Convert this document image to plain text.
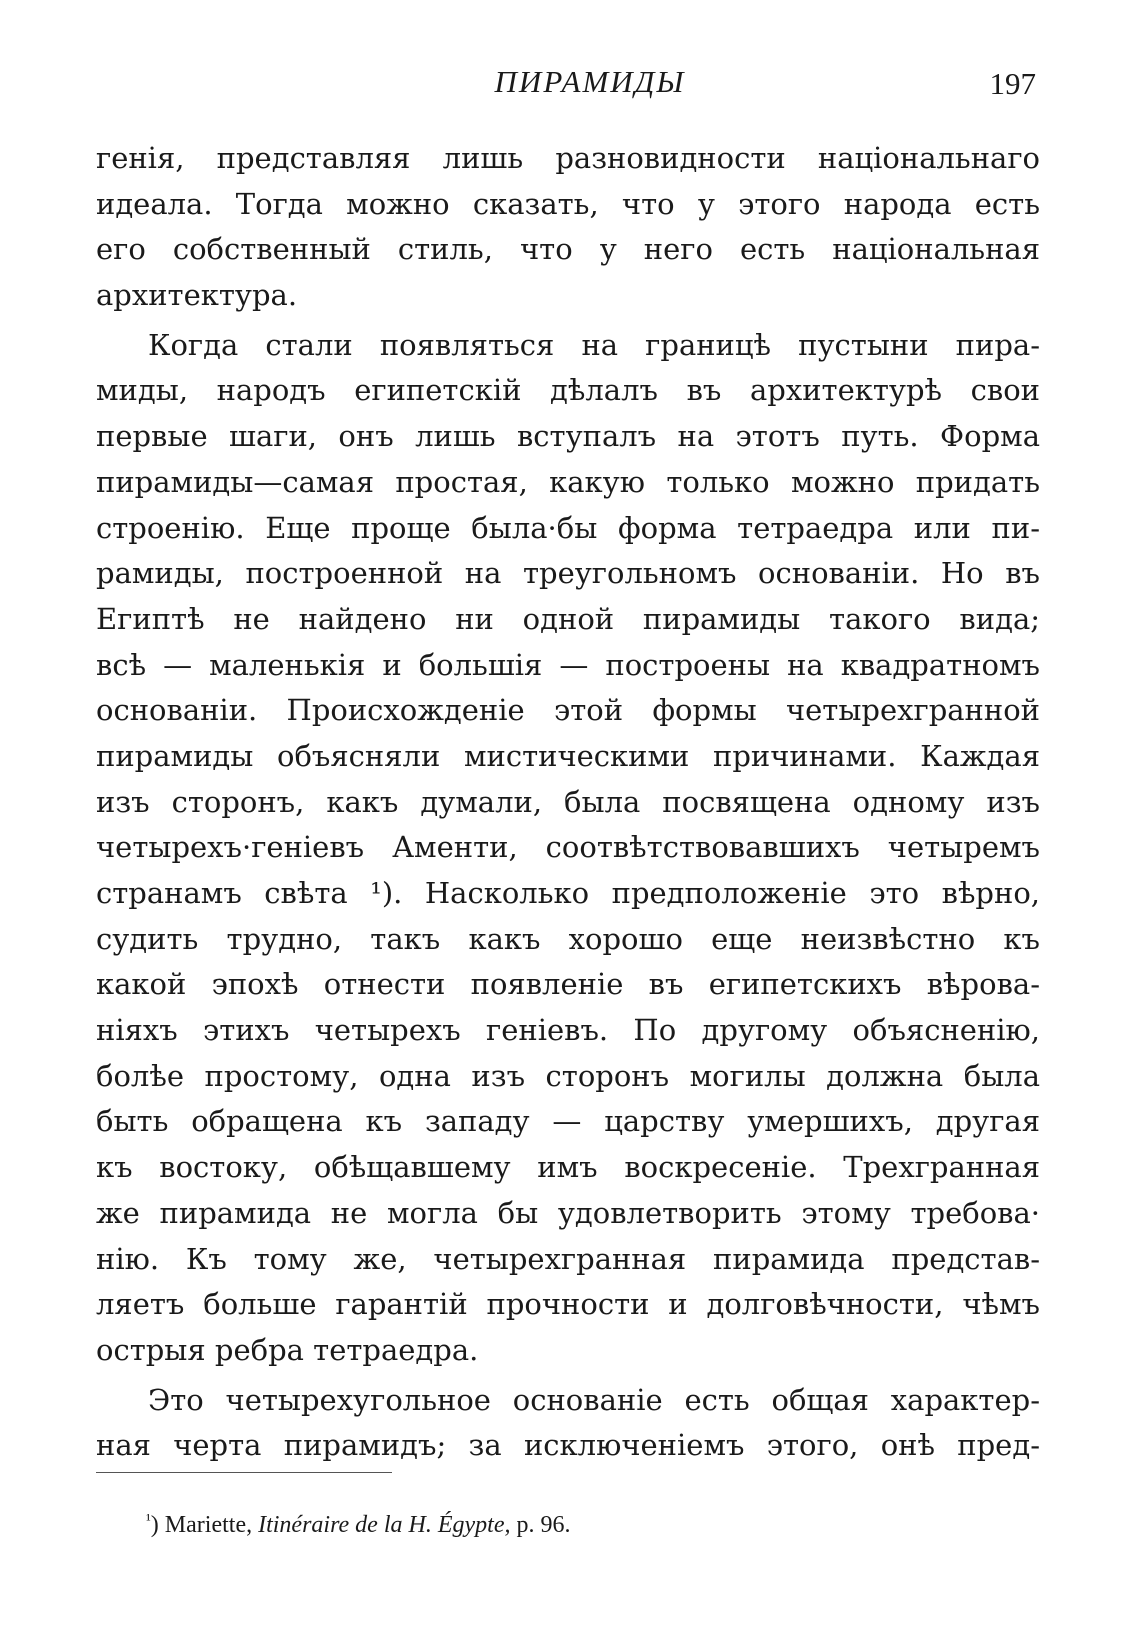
ПИРАМИДЫ	197
генія, представляя лишь разновидности національнаго
идеала. Тогда можно сказать, что у этого народа есть
его собственный стиль, что у него есть національная
архитектура.
Когда стали появляться на границѣ пустыни пира-
миды, народъ египетскій дѣлалъ въ архитектурѣ свои
первые шаги, онъ лишь вступалъ на этотъ путь. Форма
пирамиды—самая простая, какую только можно придать
строенію. Еще проще была·бы форма тетраедра или пи-
рамиды, построенной на треугольномъ основаніи. Но въ
Египтѣ не найдено ни одной пирамиды такого вида;
всѣ — маленькія и большія — построены на квадратномъ
основаніи. Происхожденіе этой формы четырехгранной
пирамиды объясняли мистическими причинами. Каждая
изъ сторонъ, какъ думали, была посвящена одному изъ
четырехъ·геніевъ Аменти, соотвѣтствовавшихъ четыремъ
странамъ свѣта ¹). Насколько предположеніе это вѣрно,
судить трудно, такъ какъ хорошо еще неизвѣстно къ
какой эпохѣ отнести появленіе въ египетскихъ вѣрова-
ніяхъ этихъ четырехъ геніевъ. По другому объясненію,
болѣе простому, одна изъ сторонъ могилы должна была
быть обращена къ западу — царству умершихъ, другая
къ востоку, обѣщавшему имъ воскресеніе. Трехгранная
же пирамида не могла бы удовлетворить этому требова·
нію. Къ тому же, четырехгранная пирамида представ-
ляетъ больше гарантій прочности и долговѣчности, чѣмъ
острыя ребра тетраедра.
Это четырехугольное основаніе есть общая характер-
ная черта пирамидъ; за исключеніемъ этого, онѣ пред-
$^{^1}$) Mariette, Itinéraire de la H. Égypte, p. 96.
